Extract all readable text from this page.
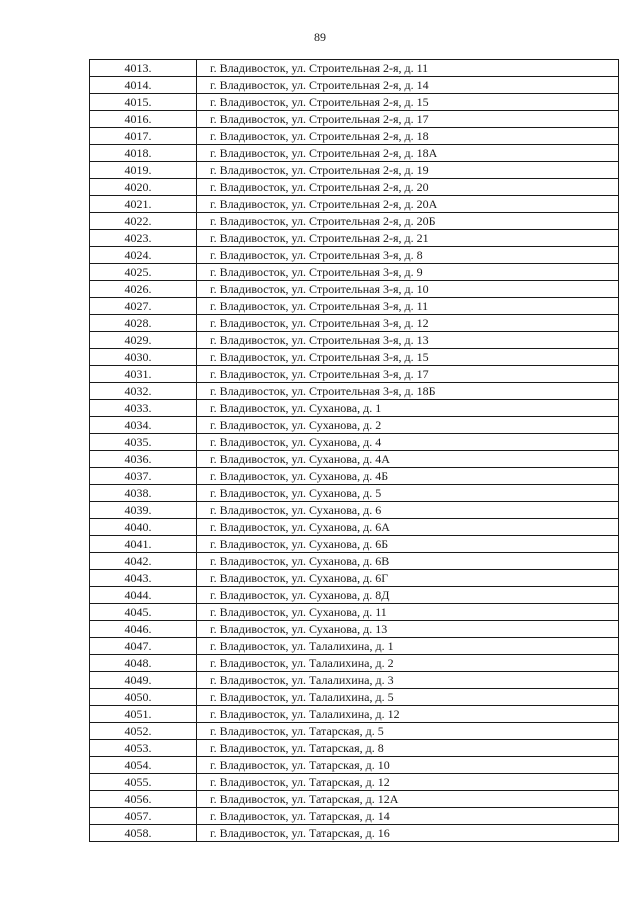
89
4013.	г. Владивосток, ул. Строительная 2-я, д. 11
4014.	г. Владивосток, ул. Строительная 2-я, д. 14
4015.	г. Владивосток, ул. Строительная 2-я, д. 15
4016.	г. Владивосток, ул. Строительная 2-я, д. 17
4017.	г. Владивосток, ул. Строительная 2-я, д. 18
4018.	г. Владивосток, ул. Строительная 2-я, д. 18А
4019.	г. Владивосток, ул. Строительная 2-я, д. 19
4020.	г. Владивосток, ул. Строительная 2-я, д. 20
4021.	г. Владивосток, ул. Строительная 2-я, д. 20А
4022.	г. Владивосток, ул. Строительная 2-я, д. 20Б
4023.	г. Владивосток, ул. Строительная 2-я, д. 21
4024.	г. Владивосток, ул. Строительная 3-я, д. 8
4025.	г. Владивосток, ул. Строительная 3-я, д. 9
4026.	г. Владивосток, ул. Строительная 3-я, д. 10
4027.	г. Владивосток, ул. Строительная 3-я, д. 11
4028.	г. Владивосток, ул. Строительная 3-я, д. 12
4029.	г. Владивосток, ул. Строительная 3-я, д. 13
4030.	г. Владивосток, ул. Строительная 3-я, д. 15
4031.	г. Владивосток, ул. Строительная 3-я, д. 17
4032.	г. Владивосток, ул. Строительная 3-я, д. 18Б
4033.	г. Владивосток, ул. Суханова, д. 1
4034.	г. Владивосток, ул. Суханова, д. 2
4035.	г. Владивосток, ул. Суханова, д. 4
4036.	г. Владивосток, ул. Суханова, д. 4А
4037.	г. Владивосток, ул. Суханова, д. 4Б
4038.	г. Владивосток, ул. Суханова, д. 5
4039.	г. Владивосток, ул. Суханова, д. 6
4040.	г. Владивосток, ул. Суханова, д. 6А
4041.	г. Владивосток, ул. Суханова, д. 6Б
4042.	г. Владивосток, ул. Суханова, д. 6В
4043.	г. Владивосток, ул. Суханова, д. 6Г
4044.	г. Владивосток, ул. Суханова, д. 8Д
4045.	г. Владивосток, ул. Суханова, д. 11
4046.	г. Владивосток, ул. Суханова, д. 13
4047.	г. Владивосток, ул. Талалихина, д. 1
4048.	г. Владивосток, ул. Талалихина, д. 2
4049.	г. Владивосток, ул. Талалихина, д. 3
4050.	г. Владивосток, ул. Талалихина, д. 5
4051.	г. Владивосток, ул. Талалихина, д. 12
4052.	г. Владивосток, ул. Татарская, д. 5
4053.	г. Владивосток, ул. Татарская, д. 8
4054.	г. Владивосток, ул. Татарская, д. 10
4055.	г. Владивосток, ул. Татарская, д. 12
4056.	г. Владивосток, ул. Татарская, д. 12А
4057.	г. Владивосток, ул. Татарская, д. 14
4058.	г. Владивосток, ул. Татарская, д. 16
